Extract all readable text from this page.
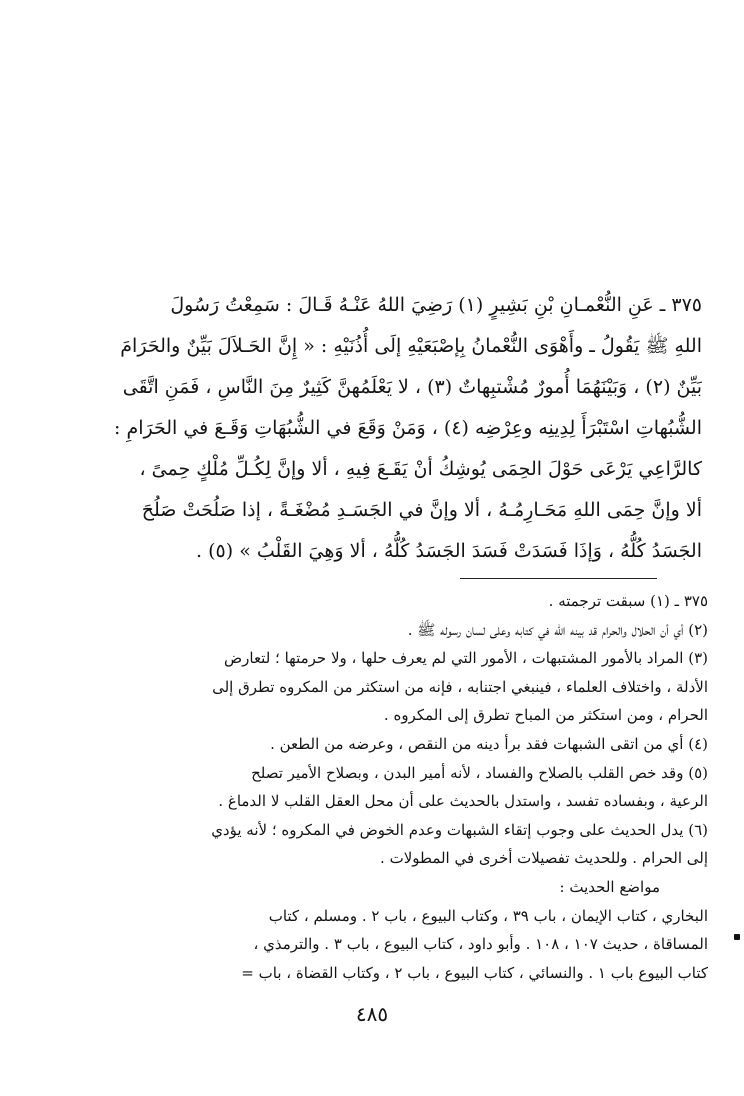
٣٧٥ ـ عَنِ النُّعْمـانِ بْنِ بَشِيرٍ (١) رَضِيَ اللهُ عَنْـهُ قَـالَ : سَمِعْتُ رَسُولَ
اللهِ ﷺ يَقُولُ ـ وأَهْوَى النُّعْمانُ بِإصْبَعَيْهِ إلَى أُذُنَيْهِ : « إِنَّ الحَـلاَلَ بَيِّنٌ والحَرَامَ
بَيِّنٌ (٢) ، وَبَيْنَهُمَا أُمورٌ مُشْتبِهاتٌ (٣) ، لا يَعْلَمُهنَّ كَثِيرٌ مِنَ النَّاسِ ، فَمَنِ اتَّقَى
الشُّبُهاتِ اسْتَبْرَأَ لِدِينِه وعِرْضِه (٤) ، وَمَنْ وَقَعَ في الشُّبُهَاتِ وَقَـعَ في الحَرَامِ :
كالرَّاعِي يَرْعَى حَوْلَ الحِمَى يُوشِكُ أنْ يَقَـعَ فِيهِ ، ألا وإنَّ لِكُـلِّ مُلْكٍ حِمىً ،
ألا وإنَّ حِمَى اللهِ مَحَـارِمُـهُ ، ألا وإنَّ في الجَسَـدِ مُضْغَـةً ، إذا صَلُحَتْ صَلُحَ
الجَسَدُ كُلُّهُ ، وَإذَا فَسَدَتْ فَسَدَ الجَسَدُ كُلُّهُ ، ألا وَهِيَ القَلْبُ » (٥) .
٣٧٥ ـ (١) سبقت ترجمته .
(٢) أي أن الحلال والحرام قد بينه الله في كتابه وعلى لسان رسوله ﷺ .
(٣) المراد بالأمور المشتبهات ، الأمور التي لم يعرف حلها ، ولا حرمتها ؛ لتعارض
الأدلة ، واختلاف العلماء ، فينبغي اجتنابه ، فإنه من استكثر من المكروه تطرق إلى
الحرام ، ومن استكثر من المباح تطرق إلى المكروه .
(٤) أي من اتقى الشبهات فقد برأ دينه من النقص ، وعرضه من الطعن .
(٥) وقد خص القلب بالصلاح والفساد ، لأنه أمير البدن ، وبصلاح الأمير تصلح
الرعية ، وبفساده تفسد ، واستدل بالحديث على أن محل العقل القلب لا الدماغ .
(٦) يدل الحديث على وجوب إتقاء الشبهات وعدم الخوض في المكروه ؛ لأنه يؤدي
إلى الحرام . وللحديث تفصيلات أخرى في المطولات .
مواضع الحديث :
البخاري ، كتاب الإيمان ، باب ٣٩ ، وكتاب البيوع ، باب ٢ . ومسلم ، كتاب
المساقاة ، حديث ١٠٧ ، ١٠٨ . وأبو داود ، كتاب البيوع ، باب ٣ . والترمذي ،
كتاب البيوع باب ١ . والنسائي ، كتاب البيوع ، باب ٢ ، وكتاب القضاة ، باب =
٤٨٥
